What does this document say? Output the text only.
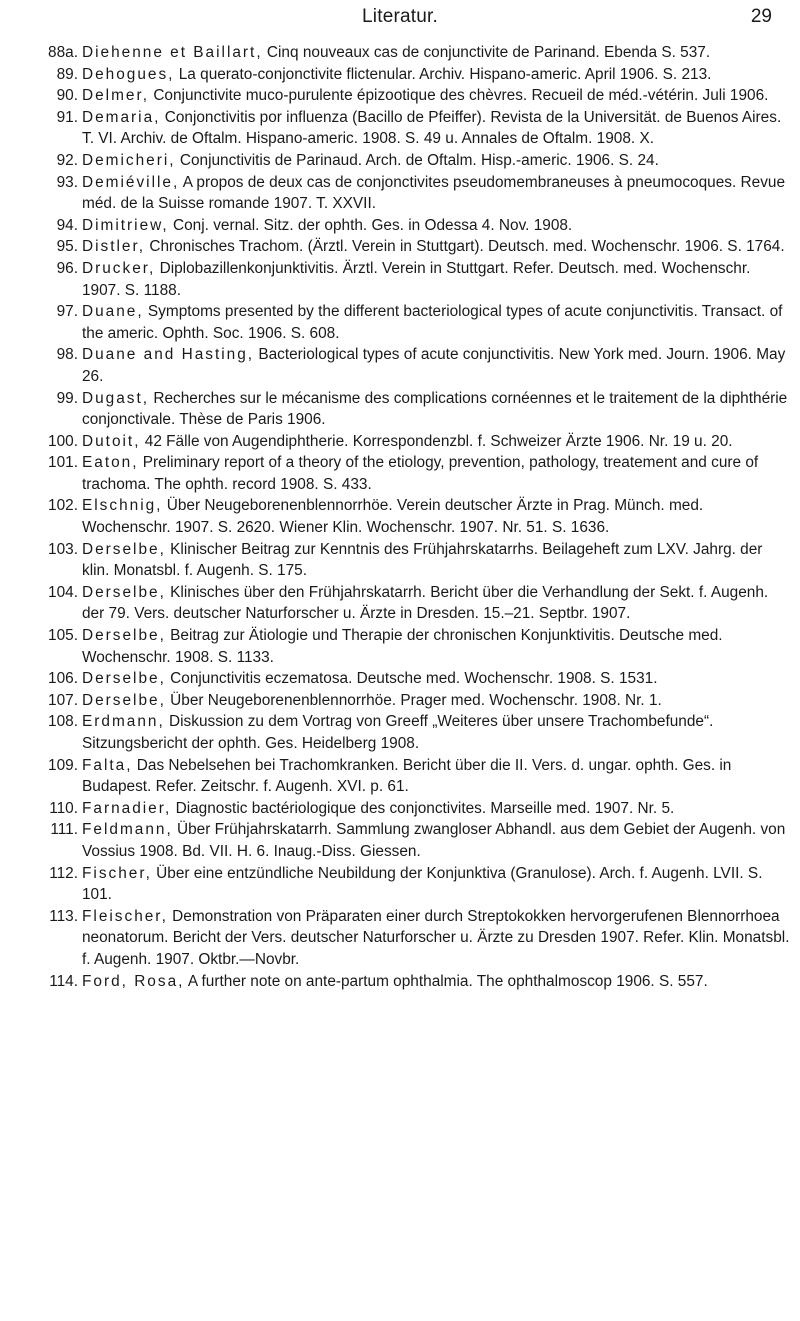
Literatur.	29
88a. Diehenne et Baillart, Cinq nouveaux cas de conjunctivite de Parinand. Ebenda S. 537.
89. Dehogues, La querato-conjonctivite flictenular. Archiv. Hispano-americ. April 1906. S. 213.
90. Delmer, Conjunctivite muco-purulente épizootique des chèvres. Recueil de méd.-vétérin. Juli 1906.
91. Demaria, Conjonctivitis por influenza (Bacillo de Pfeiffer). Revista de la Universität. de Buenos Aires. T. VI. Archiv. de Oftalm. Hispano-americ. 1908. S. 49 u. Annales de Oftalm. 1908. X.
92. Demicheri, Conjunctivitis de Parinaud. Arch. de Oftalm. Hisp.-americ. 1906. S. 24.
93. Demiéville, A propos de deux cas de conjonctivites pseudomembraneuses à pneumocoques. Revue méd. de la Suisse romande 1907. T. XXVII.
94. Dimitriew, Conj. vernal. Sitz. der ophth. Ges. in Odessa 4. Nov. 1908.
95. Distler, Chronisches Trachom. (Ärztl. Verein in Stuttgart). Deutsch. med. Wochenschr. 1906. S. 1764.
96. Drucker, Diplobazillenkonjunktivitis. Ärztl. Verein in Stuttgart. Refer. Deutsch. med. Wochenschr. 1907. S. 1188.
97. Duane, Symptoms presented by the different bacteriological types of acute conjunctivitis. Transact. of the americ. Ophth. Soc. 1906. S. 608.
98. Duane and Hasting, Bacteriological types of acute conjunctivitis. New York med. Journ. 1906. May 26.
99. Dugast, Recherches sur le mécanisme des complications cornéennes et le traitement de la diphthérie conjonctivale. Thèse de Paris 1906.
100. Dutoit, 42 Fälle von Augendiphtherie. Korrespondenzbl. f. Schweizer Ärzte 1906. Nr. 19 u. 20.
101. Eaton, Preliminary report of a theory of the etiology, prevention, pathology, treatement and cure of trachoma. The ophth. record 1908. S. 433.
102. Elschnig, Über Neugeborenenblennorrhöe. Verein deutscher Ärzte in Prag. Münch. med. Wochenschr. 1907. S. 2620. Wiener Klin. Wochenschr. 1907. Nr. 51. S. 1636.
103. Derselbe, Klinischer Beitrag zur Kenntnis des Frühjahrskatarrhs. Beilageheft zum LXV. Jahrg. der klin. Monatsbl. f. Augenh. S. 175.
104. Derselbe, Klinisches über den Frühjahrskatarrh. Bericht über die Verhandlung der Sekt. f. Augenh. der 79. Vers. deutscher Naturforscher u. Ärzte in Dresden. 15.–21. Septbr. 1907.
105. Derselbe, Beitrag zur Ätiologie und Therapie der chronischen Konjunktivitis. Deutsche med. Wochenschr. 1908. S. 1133.
106. Derselbe, Conjunctivitis eczematosa. Deutsche med. Wochenschr. 1908. S. 1531.
107. Derselbe, Über Neugeborenenblennorrhöe. Prager med. Wochenschr. 1908. Nr. 1.
108. Erdmann, Diskussion zu dem Vortrag von Greeff „Weiteres über unsere Trachombefunde“. Sitzungsbericht der ophth. Ges. Heidelberg 1908.
109. Falta, Das Nebelsehen bei Trachomkranken. Bericht über die II. Vers. d. ungar. ophth. Ges. in Budapest. Refer. Zeitschr. f. Augenh. XVI. p. 61.
110. Farnadier, Diagnostic bactériologique des conjonctivites. Marseille med. 1907. Nr. 5.
111. Feldmann, Über Frühjahrskatarrh. Sammlung zwangloser Abhandl. aus dem Gebiet der Augenh. von Vossius 1908. Bd. VII. H. 6. Inaug.-Diss. Giessen.
112. Fischer, Über eine entzündliche Neubildung der Konjunktiva (Granulose). Arch. f. Augenh. LVII. S. 101.
113. Fleischer, Demonstration von Präparaten einer durch Streptokokken hervorgerufenen Blennorrhoea neonatorum. Bericht der Vers. deutscher Naturforscher u. Ärzte zu Dresden 1907. Refer. Klin. Monatsbl. f. Augenh. 1907. Oktbr.—Novbr.
114. Ford, Rosa, A further note on ante-partum ophthalmia. The ophthalmoscop 1906. S. 557.
